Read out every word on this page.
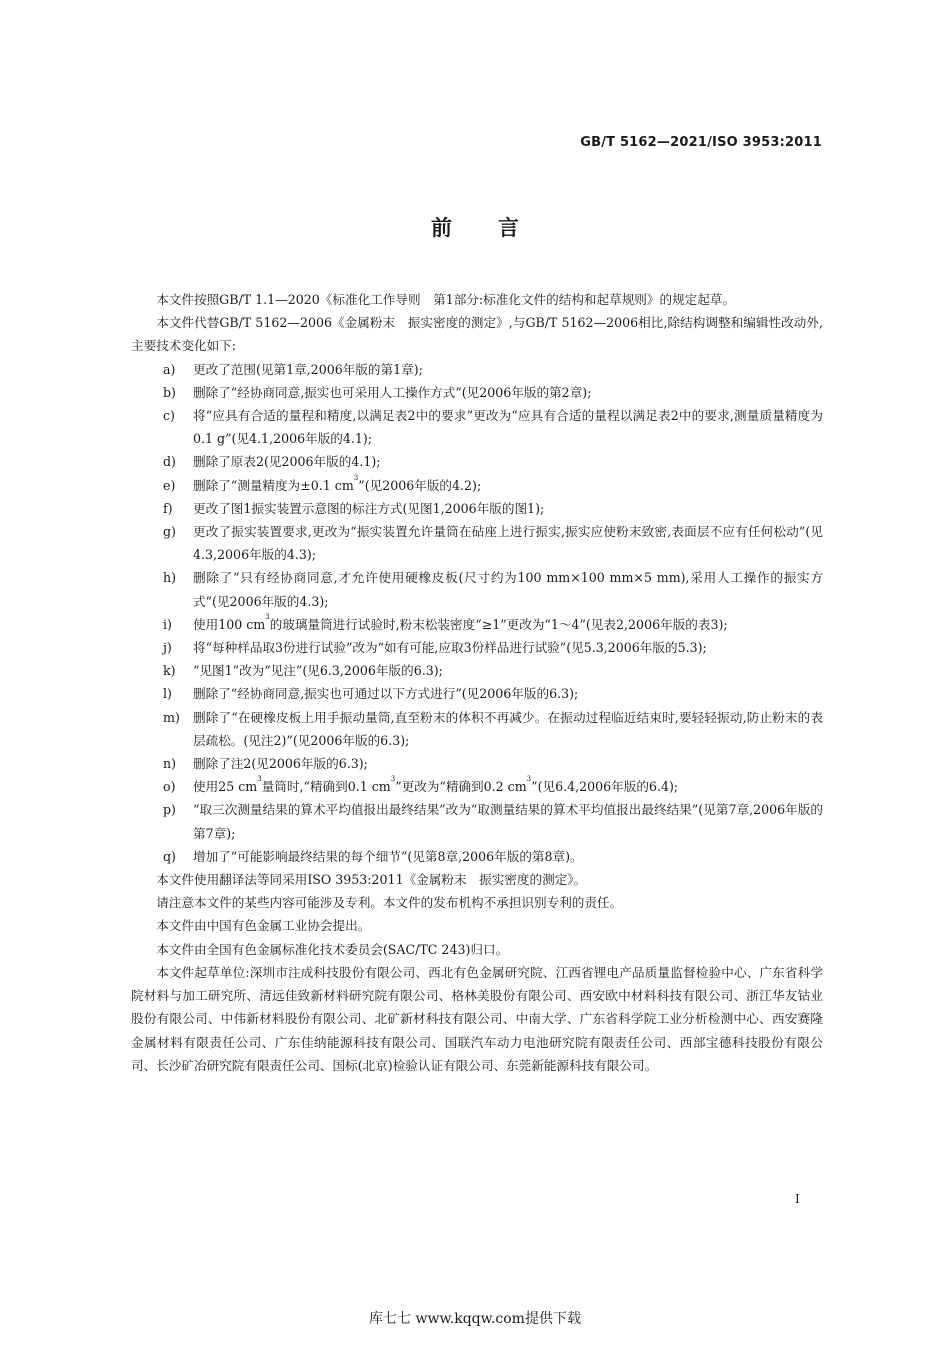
GB/T 5162—2021/ISO 3953:2011
前言

本文件按照GB/T 1.1—2020《标准化工作导则　第1部分:标准化文件的结构和起草规则》的规定起草。

本文件代替GB/T 5162—2006《金属粉末　振实密度的测定》,与GB/T 5162—2006相比,除结构调整和编辑性改动外,主要技术变化如下:

a) 更改了范围(见第1章,2006年版的第1章);

b) 删除了“经协商同意,振实也可采用人工操作方式”(见2006年版的第2章);

c) 将“应具有合适的量程和精度,以满足表2中的要求”更改为“应具有合适的量程以满足表2中的要求,测量质量精度为0.1 g”(见4.1,2006年版的4.1);

d) 删除了原表2(见2006年版的4.1);

e) 删除了“测量精度为±0.1 $cm^3$”(见2006年版的4.2);

f) 更改了图1振实装置示意图的标注方式(见图1,2006年版的图1);

g) 更改了振实装置要求,更改为“振实装置允许量筒在砧座上进行振实,振实应使粉末致密,表面层不应有任何松动”(见4.3,2006年版的4.3);

h) 删除了“只有经协商同意,才允许使用硬橡皮板(尺寸约为100 mm×100 mm×5 mm),采用人工操作的振实方式”(见2006年版的4.3);

i) 使用100 $cm^3$的玻璃量筒进行试验时,粉末松装密度“≥1”更改为“1～4”(见表2,2006年版的表3);

j) 将“每种样品取3份进行试验”改为“如有可能,应取3份样品进行试验”(见5.3,2006年版的5.3);

k) “见图1”改为“见注”(见6.3,2006年版的6.3);

l) 删除了“经协商同意,振实也可通过以下方式进行”(见2006年版的6.3);

m) 删除了“在硬橡皮板上用手振动量筒,直至粉末的体积不再减少。在振动过程临近结束时,要轻轻振动,防止粉末的表层疏松。(见注2)”(见2006年版的6.3);

n) 删除了注2(见2006年版的6.3);

o) 使用25 $cm^3$量筒时,“精确到0.1 $cm^3$”更改为“精确到0.2 $cm^3$”(见6.4,2006年版的6.4);

p) “取三次测量结果的算术平均值报出最终结果”改为“取测量结果的算术平均值报出最终结果”(见第7章,2006年版的第7章);

q) 增加了“可能影响最终结果的每个细节”(见第8章,2006年版的第8章)。

本文件使用翻译法等同采用ISO 3953:2011《金属粉末　振实密度的测定》。

请注意本文件的某些内容可能涉及专利。本文件的发布机构不承担识别专利的责任。

本文件由中国有色金属工业协会提出。

本文件由全国有色金属标准化技术委员会(SAC/TC 243)归口。

本文件起草单位:深圳市注成科技股份有限公司、西北有色金属研究院、江西省锂电产品质量监督检验中心、广东省科学院材料与加工研究所、清远佳致新材料研究院有限公司、格林美股份有限公司、西安欧中材料科技有限公司、浙江华友钴业股份有限公司、中伟新材料股份有限公司、北矿新材科技有限公司、中南大学、广东省科学院工业分析检测中心、西安赛隆金属材料有限责任公司、广东佳纳能源科技有限公司、国联汽车动力电池研究院有限责任公司、西部宝德科技股份有限公司、长沙矿冶研究院有限责任公司、国标(北京)检验认证有限公司、东莞新能源科技有限公司。

I
库七七 www.kqqw.com提供下载
